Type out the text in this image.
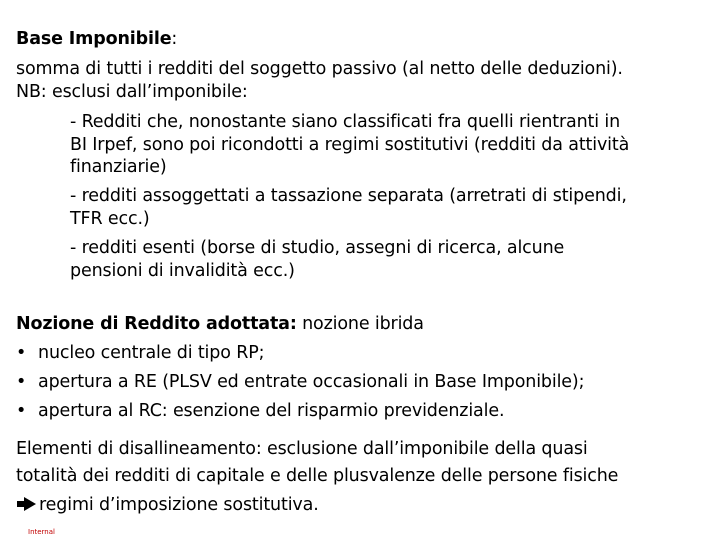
Base Imponibile:
somma di tutti i redditi del soggetto passivo (al netto delle deduzioni).
NB: esclusi dall’imponibile:
- Redditi che, nonostante siano classificati fra quelli rientranti in
BI Irpef, sono poi ricondotti a regimi sostitutivi (redditi da attività
finanziarie)
- redditi assoggettati a tassazione separata (arretrati di stipendi,
TFR ecc.)
- redditi esenti (borse di studio, assegni di ricerca, alcune
pensioni di invalidità ecc.)
Nozione di Reddito adottata: nozione ibrida
• nucleo centrale di tipo RP;
• apertura a RE (PLSV ed entrate occasionali in Base Imponibile);
• apertura al RC: esenzione del risparmio previdenziale.
Elementi di disallineamento: esclusione dall’imponibile della quasi
totalità dei redditi di capitale e delle plusvalenze delle persone fisiche
regimi d’imposizione sostitutiva.
Internal
